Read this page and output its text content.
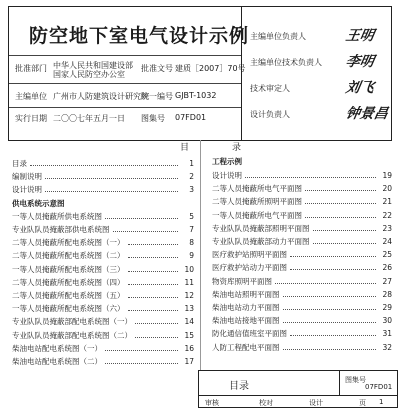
防空地下室电气设计示例
批准部门 中华人民共和国建设部
国家人民防空办公室
批准文号 建质［2007］70号
主编单位 广州市人防建筑设计研究院
统一编号 GJBT-1032
实行日期 二〇〇七年五月一日 图集号 07FD01
主编单位负责人	王明
主编单位技术负责人 李明
技术审定人	刘飞
设计负责人	钟景昌
目	录
目录	1
编制说明	2
设计说明	3
供电系统示意图
一等人员掩蔽所供电系统图	5
专业队队员掩蔽部供电系统图	7
二等人员掩蔽所配电系统图（一）	8
二等人员掩蔽所配电系统图（二）	9
一等人员掩蔽所配电系统图（三）	10
二等人员掩蔽所配电系统图（四）	11
二等人员掩蔽所配电系统图（五）	12
一等人员掩蔽所配电系统图（六）	13
专业队队员掩蔽部配电系统图（一）	14
专业队队员掩蔽部配电系统图（二）	15
柴油电站配电系统图（一）	16
柴油电站配电系统图（二）	17
工程示例
设计说明	19
二等人员掩蔽所电气平面图	20
二等人员掩蔽所照明平面图	21
一等人员掩蔽所电气平面图	22
专业队队员掩蔽部照明平面图	23
专业队队员掩蔽部动力平面图	24
医疗救护站照明平面图	25
医疗救护站动力平面图	26
物资库照明平面图	27
柴油电站照明平面图	28
柴油电站动力平面图	29
柴油电站接地平面图	30
防化通信值班室平面图	31
人防工程配电平面图	32
目录
图集号
07FD01
审核	校对	设计	页 1
